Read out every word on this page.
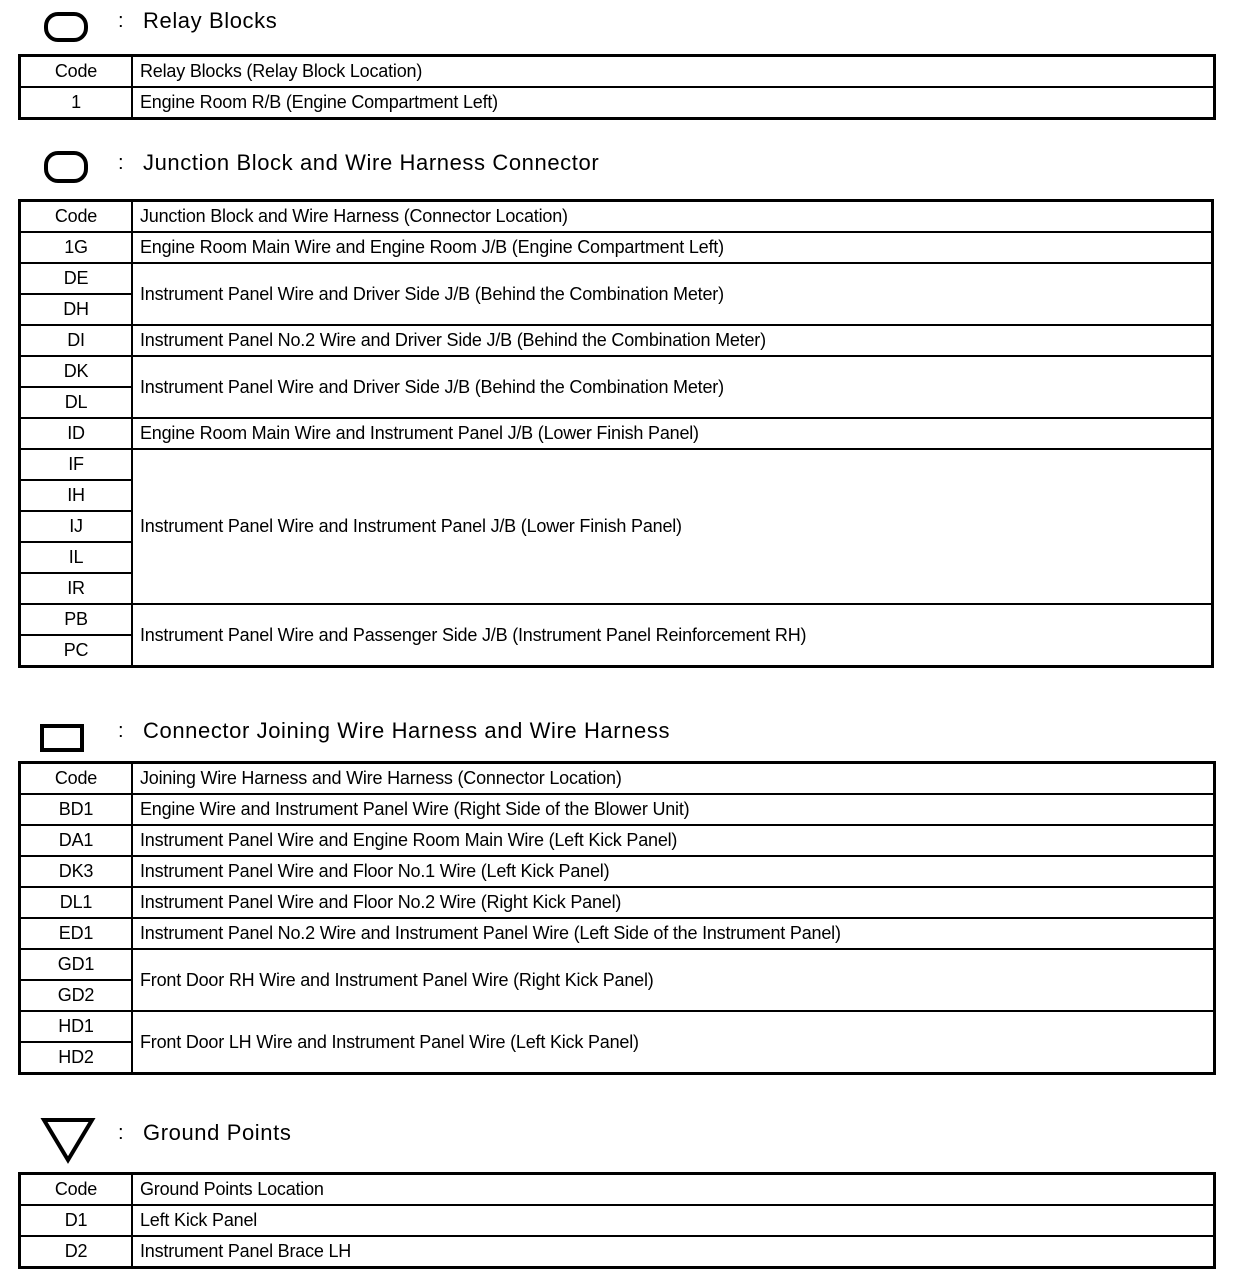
: Relay Blocks
Code	Relay Blocks (Relay Block Location)
1	Engine Room R/B (Engine Compartment Left)
: Junction Block and Wire Harness Connector
Code	Junction Block and Wire Harness (Connector Location)
1G	Engine Room Main Wire and Engine Room J/B (Engine Compartment Left)
DE	Instrument Panel Wire and Driver Side J/B (Behind the Combination Meter)
DH	
DI	Instrument Panel No.2 Wire and Driver Side J/B (Behind the Combination Meter)
DK	Instrument Panel Wire and Driver Side J/B (Behind the Combination Meter)
DL	
ID	Engine Room Main Wire and Instrument Panel J/B (Lower Finish Panel)
IF	Instrument Panel Wire and Instrument Panel J/B (Lower Finish Panel)
IH	
IJ	
IL	
IR	
PB	Instrument Panel Wire and Passenger Side J/B (Instrument Panel Reinforcement RH)
PC	
: Connector Joining Wire Harness and Wire Harness
Code	Joining Wire Harness and Wire Harness (Connector Location)
BD1	Engine Wire and Instrument Panel Wire (Right Side of the Blower Unit)
DA1	Instrument Panel Wire and Engine Room Main Wire (Left Kick Panel)
DK3	Instrument Panel Wire and Floor No.1 Wire (Left Kick Panel)
DL1	Instrument Panel Wire and Floor No.2 Wire (Right Kick Panel)
ED1	Instrument Panel No.2 Wire and Instrument Panel Wire (Left Side of the Instrument Panel)
GD1	Front Door RH Wire and Instrument Panel Wire (Right Kick Panel)
GD2	
HD1	Front Door LH Wire and Instrument Panel Wire (Left Kick Panel)
HD2	
: Ground Points
Code	Ground Points Location
D1	Left Kick Panel
D2	Instrument Panel Brace LH
